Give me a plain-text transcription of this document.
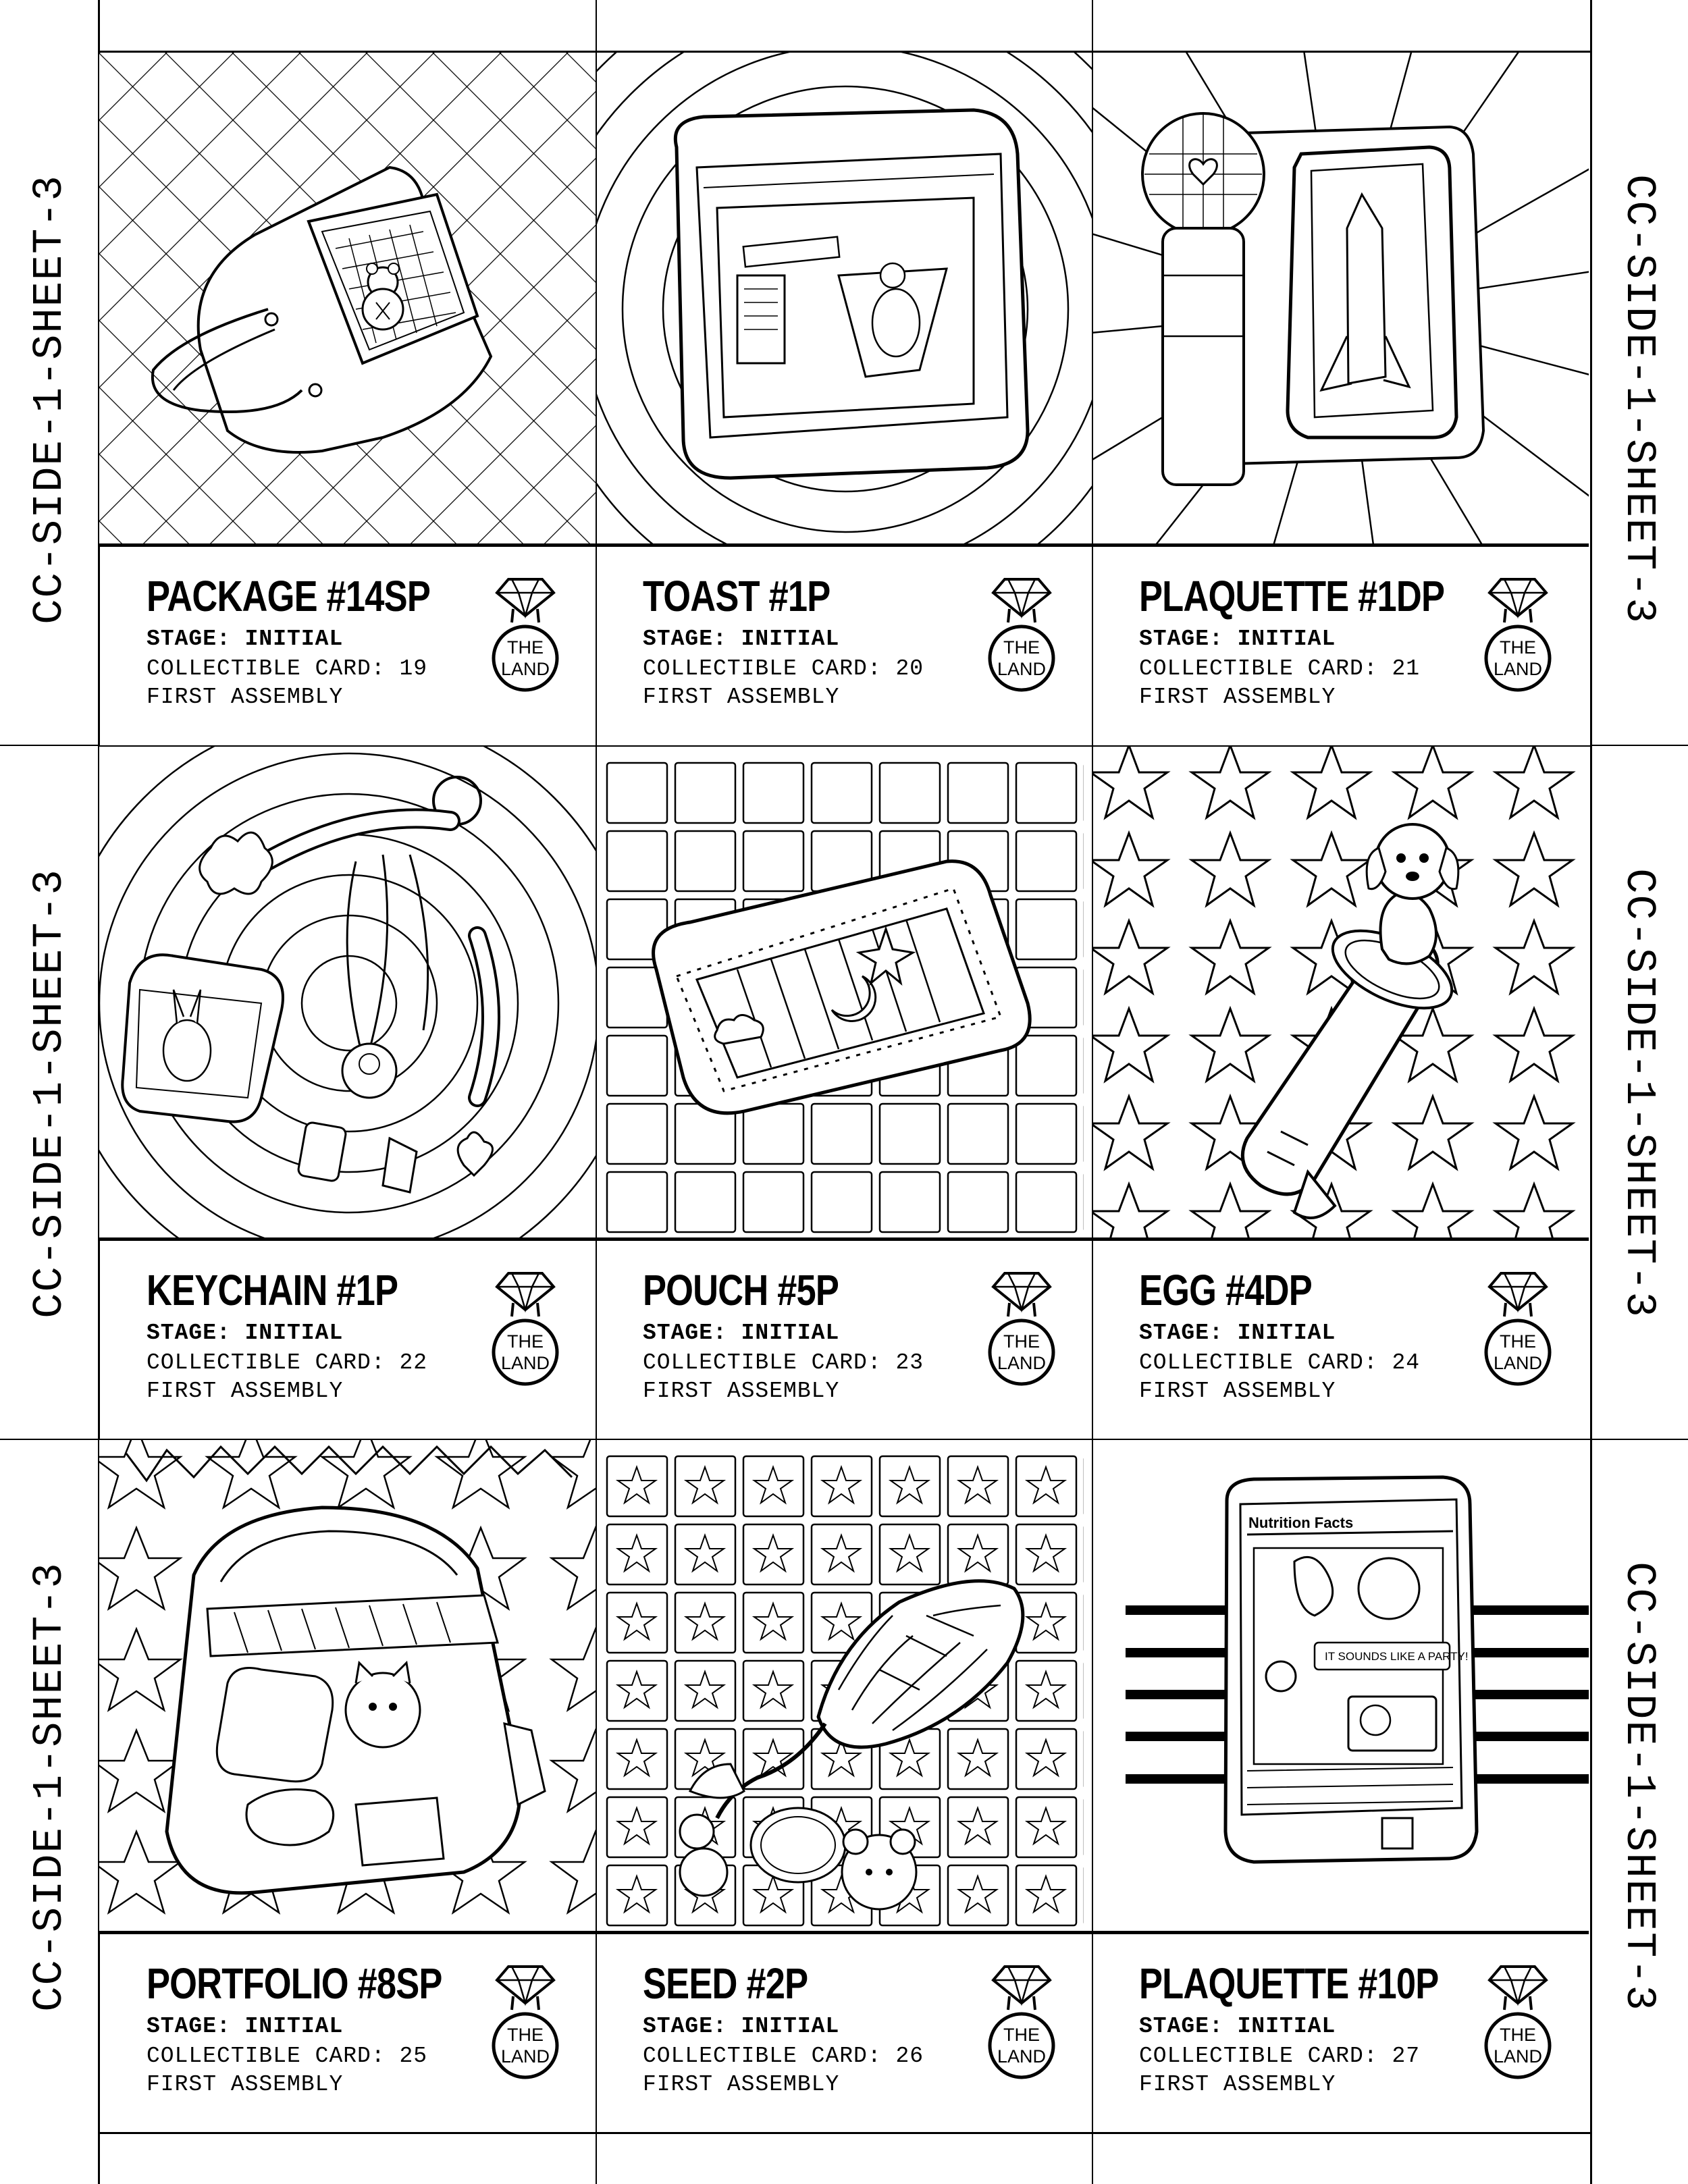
CC-SIDE-1-SHEET-3
CC-SIDE-1-SHEET-3
CC-SIDE-1-SHEET-3
CC-SIDE-1-SHEET-3
CC-SIDE-1-SHEET-3
CC-SIDE-1-SHEET-3
PACKAGE #14SP
STAGE: INITIAL
COLLECTIBLE CARD: 19
FIRST ASSEMBLY
THE
LAND
TOAST #1P
STAGE: INITIAL
COLLECTIBLE CARD: 20
FIRST ASSEMBLY
THE
LAND
PLAQUETTE #1DP
STAGE: INITIAL
COLLECTIBLE CARD: 21
FIRST ASSEMBLY
THE
LAND
KEYCHAIN #1P
STAGE: INITIAL
COLLECTIBLE CARD: 22
FIRST ASSEMBLY
THE
LAND
POUCH #5P
STAGE: INITIAL
COLLECTIBLE CARD: 23
FIRST ASSEMBLY
THE
LAND
EGG #4DP
STAGE: INITIAL
COLLECTIBLE CARD: 24
FIRST ASSEMBLY
THE
LAND
PORTFOLIO #8SP
STAGE: INITIAL
COLLECTIBLE CARD: 25
FIRST ASSEMBLY
THE
LAND
SEED #2P
STAGE: INITIAL
COLLECTIBLE CARD: 26
FIRST ASSEMBLY
THE
LAND
Nutrition Facts
IT SOUNDS LIKE A PARTY!
PLAQUETTE #10P
STAGE: INITIAL
COLLECTIBLE CARD: 27
FIRST ASSEMBLY
THE
LAND
